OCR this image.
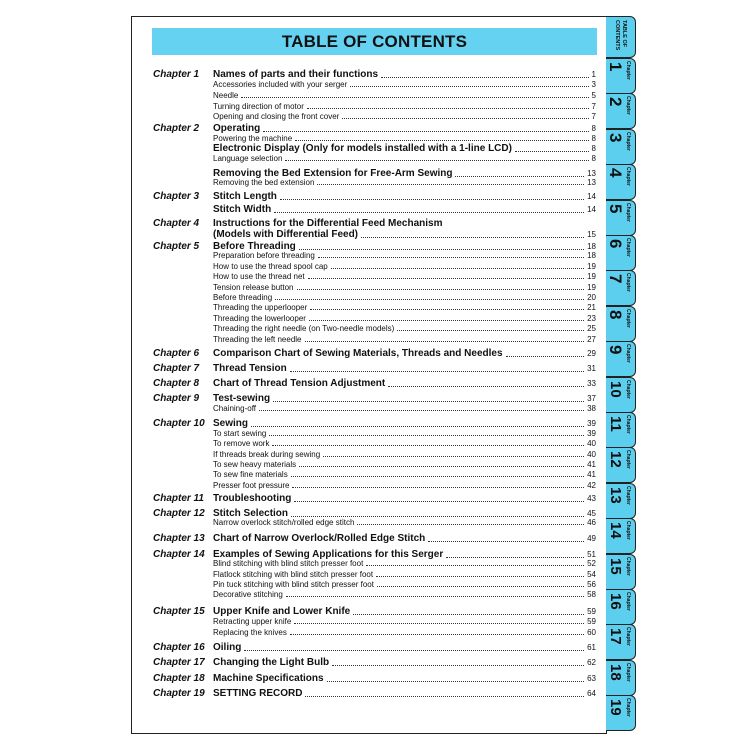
TABLE OF CONTENTS
Chapter 1 Names of parts and their functions	1
Accessories included with your serger	3
Needle	5
Turning direction of motor	7
Opening and closing the front cover	7
Chapter 2 Operating	8
Powering the machine	8
Electronic Display (Only for models installed with a 1-line LCD)	8
Language selection	8
Removing the Bed Extension for Free-Arm Sewing	13
Removing the bed extension	13
Chapter 3 Stitch Length	14
Stitch Width	14
Chapter 4 Instructions for the Differential Feed Mechanism
(Models with Differential Feed)	15
Chapter 5 Before Threading	18
Preparation before threading	18
How to use the thread spool cap	19
How to use the thread net	19
Tension release button	19
Before threading	20
Threading the upperlooper	21
Threading the lowerlooper	23
Threading the right needle (on Two-needle models)	25
Threading the left needle	27
Chapter 6 Comparison Chart of Sewing Materials, Threads and Needles	29
Chapter 7 Thread Tension	31
Chapter 8 Chart of Thread Tension Adjustment	33
Chapter 9 Test-sewing	37
Chaining-off	38
Chapter 10 Sewing	39
To start sewing	39
To remove work	40
If threads break during sewing	40
To sew heavy materials	41
To sew fine materials	41
Presser foot pressure	42
Chapter 11 Troubleshooting	43
Chapter 12 Stitch Selection	45
Narrow overlock stitch/rolled edge stitch	46
Chapter 13 Chart of Narrow Overlock/Rolled Edge Stitch	49
Chapter 14 Examples of Sewing Applications for this Serger	51
Blind stitching with blind stitch presser foot	52
Flatlock stitching with blind stitch presser foot	54
Pin tuck stitching with blind stitch presser foot	56
Decorative stitching	58
Chapter 15 Upper Knife and Lower Knife	59
Retracting upper knife	59
Replacing the knives	60
Chapter 16 Oiling	61
Chapter 17 Changing the Light Bulb	62
Chapter 18 Machine Specifications	63
Chapter 19 SETTING RECORD	64
TABLE OF
CONTENTS
Chapter
1
Chapter
2
Chapter
3
Chapter
4
Chapter
5
Chapter
6
Chapter
7
Chapter
8
Chapter
9
Chapter
10
Chapter
11
Chapter
12
Chapter
13
Chapter
14
Chapter
15
Chapter
16
Chapter
17
Chapter
18
Chapter
19
